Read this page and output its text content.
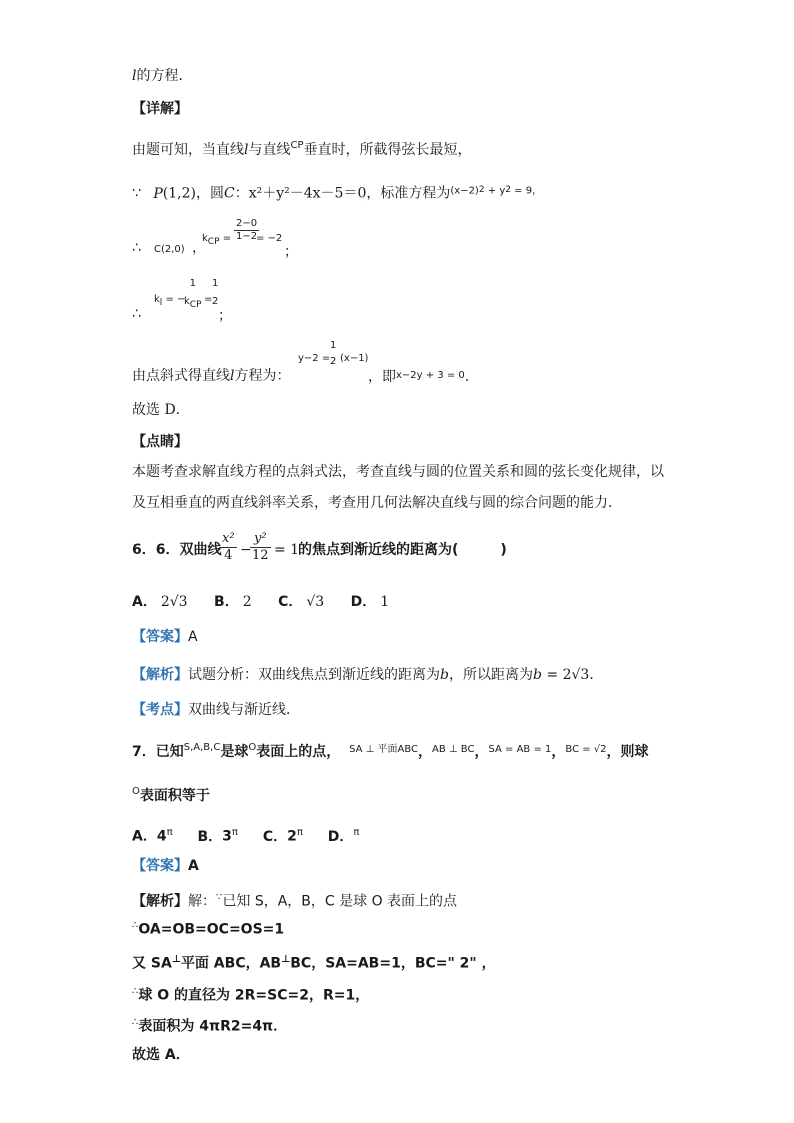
l的方程．
【详解】
由题可知，当直线l与直线$^{CP}$垂直时，所截得弦长最短，
∵ P(1,2)，圆C：x²＋y²－4x－5＝0，标准方程为$^{(x-2)2}$ $^{+ y2}$ $^{= 9,}$
∴ C(2,0) ，
$k_{CP} = \frac{2-0}{1-2}$
= −2
；
∴
$k_l$ = −
1
$k_{CP}$ =
1
2
；
由点斜式得直线l方程为：
y−2 =
1
2 (x−1)
，即$^{x-2y + 3 = 0}$.
故选 D．
【点睛】
本题考查求解直线方程的点斜式法，考查直线与圆的位置关系和圆的弦长变化规律，以
及互相垂直的两直线斜率关系，考查用几何法解决直线与圆的综合问题的能力．
6．6．双曲线
$\frac{\text{x²}}{4}$ −
$\frac{\text{y²}}{12} = 1$
的焦点到渐近线的距离为(　　　)
A． 2√3 B． 2 C． √3 D． 1
【答案】A
【解析】试题分析：双曲线焦点到渐近线的距离为b，所以距离为b = 2√3．
【考点】双曲线与渐近线．
7．已知$^{S,A,B,C}$是球$^O$表面上的点， $^{SA \perp 平面ABC}$，$^{AB \perp BC}$，$^{SA = AB = 1}$，$^{BC = √2}$，则球
$^O$表面积等于
A．$4^\pi$ B．$3^\pi$ C．$2^\pi$ D．$^\pi$
【答案】A
【解析】解：∵已知 S，A，B，C 是球 O 表面上的点
∴OA=OB=OC=OS=1
又 SA⊥平面 ABC，AB⊥BC，SA=AB=1，BC=" 2" ，
∴球 O 的直径为 2R=SC=2，R=1，
∴表面积为 4πR2=4π．
故选 A．
